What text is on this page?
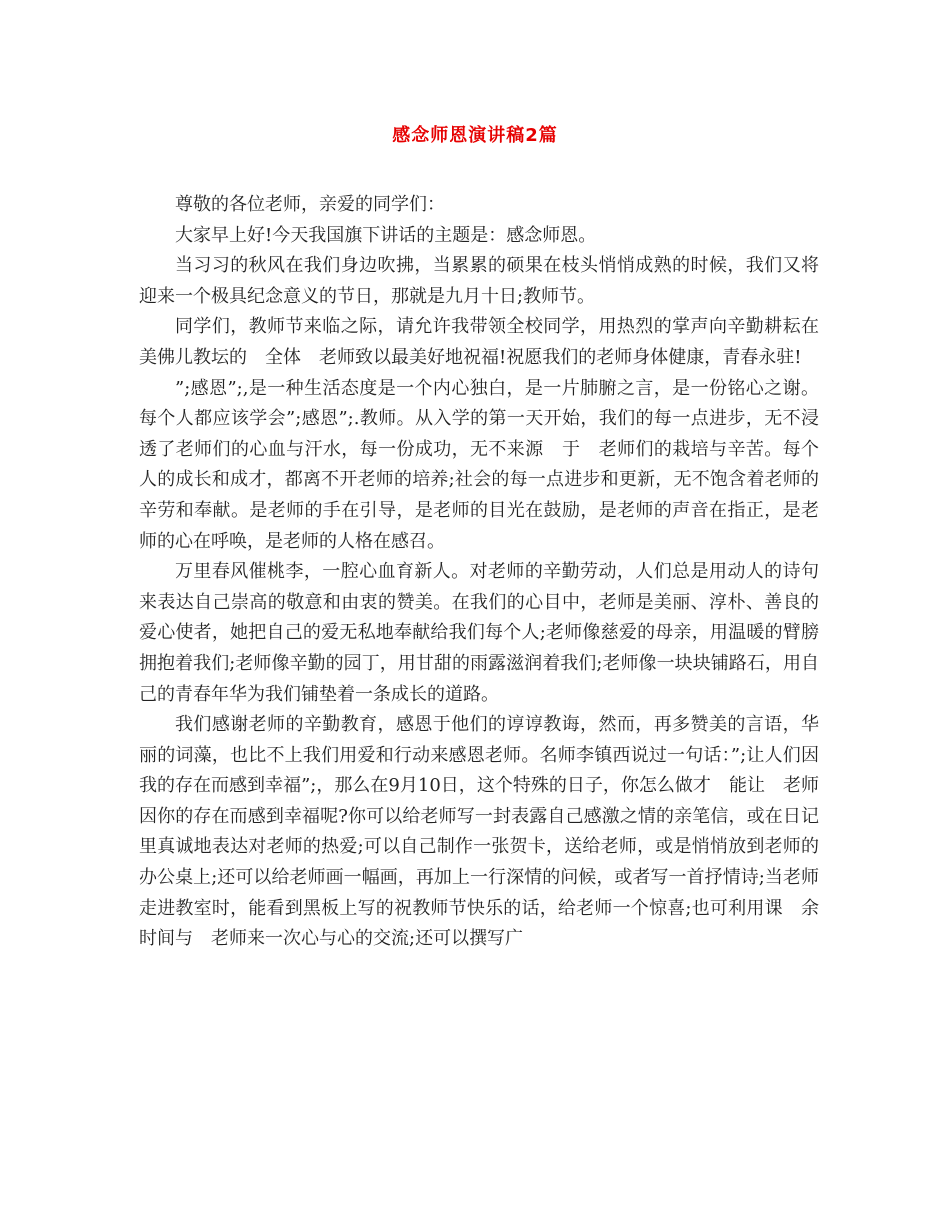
感念师恩演讲稿2篇

尊敬的各位老师，亲爱的同学们：

大家早上好!今天我国旗下讲话的主题是：感念师恩。

当习习的秋风在我们身边吹拂，当累累的硕果在枝头悄悄成熟的时候，我们又将迎来一个极具纪念意义的节日，那就是九月十日;教师节。

同学们，教师节来临之际，请允许我带领全校同学，用热烈的掌声向辛勤耕耘在美佛儿教坛的　全体　老师致以最美好地祝福!祝愿我们的老师身体健康，青春永驻!

”;感恩”;,是一种生活态度是一个内心独白，是一片肺腑之言，是一份铭心之谢。每个人都应该学会”;感恩”;.教师。从入学的第一天开始，我们的每一点进步，无不浸透了老师们的心血与汗水，每一份成功，无不来源　于　老师们的栽培与辛苦。每个人的成长和成才，都离不开老师的培养;社会的每一点进步和更新，无不饱含着老师的辛劳和奉献。是老师的手在引导，是老师的目光在鼓励，是老师的声音在指正，是老师的心在呼唤，是老师的人格在感召。

万里春风催桃李，一腔心血育新人。对老师的辛勤劳动，人们总是用动人的诗句来表达自己崇高的敬意和由衷的赞美。在我们的心目中，老师是美丽、淳朴、善良的爱心使者，她把自己的爱无私地奉献给我们每个人;老师像慈爱的母亲，用温暖的臂膀拥抱着我们;老师像辛勤的园丁，用甘甜的雨露滋润着我们;老师像一块块铺路石，用自己的青春年华为我们铺垫着一条成长的道路。

我们感谢老师的辛勤教育，感恩于他们的谆谆教诲，然而，再多赞美的言语，华丽的词藻，也比不上我们用爱和行动来感恩老师。名师李镇西说过一句话：”;让人们因我的存在而感到幸福”;，那么在9月10日，这个特殊的日子，你怎么做才　能让　老师因你的存在而感到幸福呢?你可以给老师写一封表露自己感激之情的亲笔信，或在日记里真诚地表达对老师的热爱;可以自己制作一张贺卡，送给老师，或是悄悄放到老师的办公桌上;还可以给老师画一幅画，再加上一行深情的问候，或者写一首抒情诗;当老师走进教室时，能看到黑板上写的祝教师节快乐的话，给老师一个惊喜;也可利用课　余时间与　老师来一次心与心的交流;还可以撰写广
